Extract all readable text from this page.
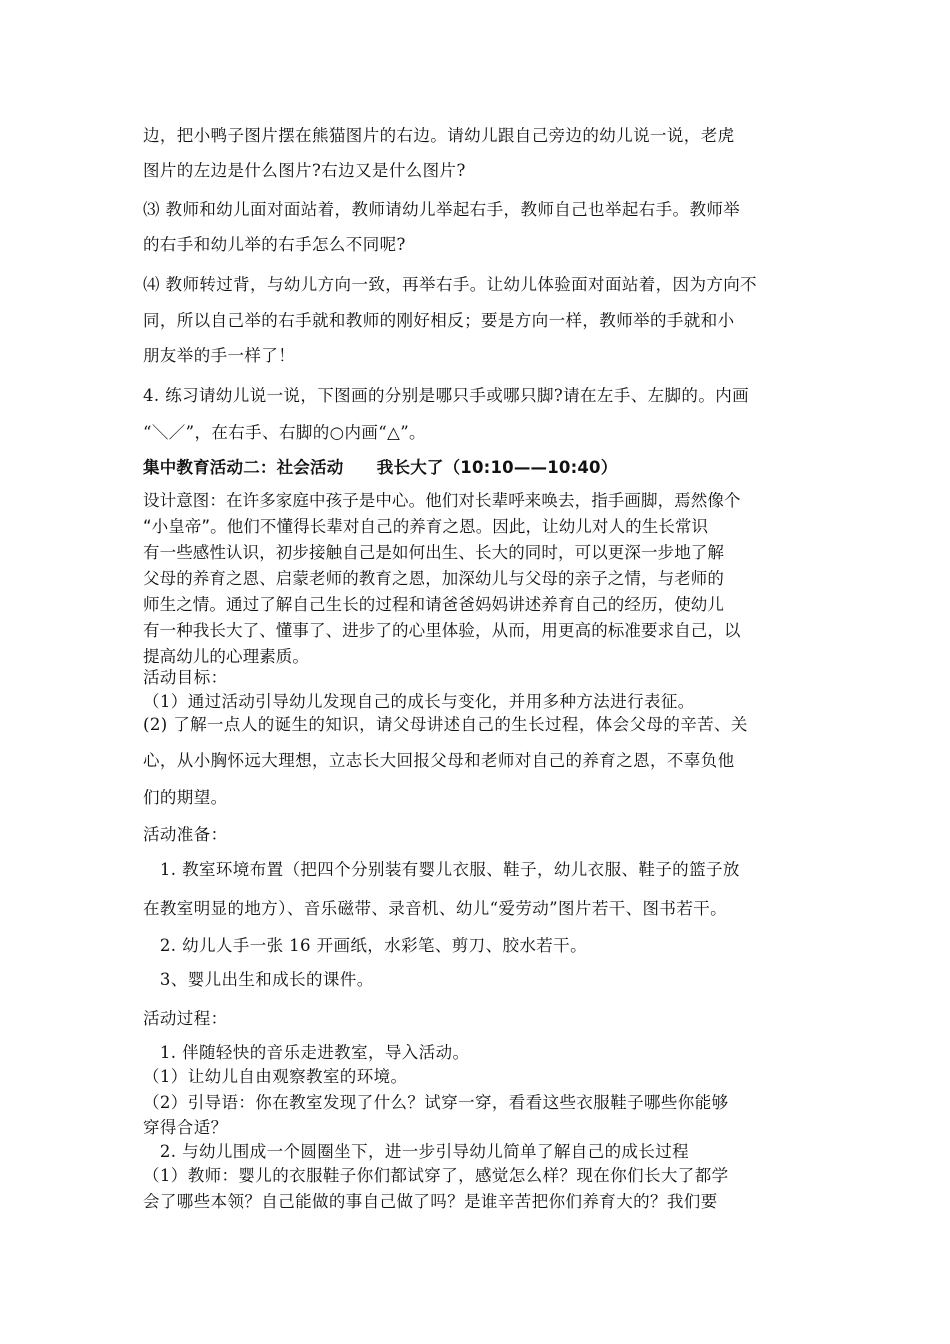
边，把小鸭子图片摆在熊猫图片的右边。请幼儿跟自己旁边的幼儿说一说，老虎
图片的左边是什么图片?右边又是什么图片?
⑶ 教师和幼儿面对面站着，教师请幼儿举起右手，教师自己也举起右手。教师举
的右手和幼儿举的右手怎么不同呢?
⑷ 教师转过背，与幼儿方向一致，再举右手。让幼儿体验面对面站着，因为方向不
同，所以自己举的右手就和教师的刚好相反；要是方向一样，教师举的手就和小
朋友举的手一样了！
4. 练习请幼儿说一说，下图画的分别是哪只手或哪只脚?请在左手、左脚的。内画
“＼／”，在右手、右脚的○内画“△”。
集中教育活动二：社会活动　　我长大了（10:10——10:40）
设计意图：在许多家庭中孩子是中心。他们对长辈呼来唤去，指手画脚，焉然像个
“小皇帝”。他们不懂得长辈对自己的养育之恩。因此，让幼儿对人的生长常识
有一些感性认识，初步接触自己是如何出生、长大的同时，可以更深一步地了解
父母的养育之恩、启蒙老师的教育之恩，加深幼儿与父母的亲子之情，与老师的
师生之情。通过了解自己生长的过程和请爸爸妈妈讲述养育自己的经历，使幼儿
有一种我长大了、懂事了、进步了的心里体验，从而，用更高的标准要求自己，以
提高幼儿的心理素质。
活动目标：
（1）通过活动引导幼儿发现自己的成长与变化，并用多种方法进行表征。
(2) 了解一点人的诞生的知识，请父母讲述自己的生长过程，体会父母的辛苦、关
心，从小胸怀远大理想，立志长大回报父母和老师对自己的养育之恩，不辜负他
们的期望。
活动准备：
　1. 教室环境布置（把四个分别装有婴儿衣服、鞋子，幼儿衣服、鞋子的篮子放
在教室明显的地方）、音乐磁带、录音机、幼儿“爱劳动”图片若干、图书若干。
　2. 幼儿人手一张 16 开画纸，水彩笔、剪刀、胶水若干。
　3、婴儿出生和成长的课件。
活动过程：
　1. 伴随轻快的音乐走进教室，导入活动。
（1）让幼儿自由观察教室的环境。
（2）引导语：你在教室发现了什么？试穿一穿，看看这些衣服鞋子哪些你能够
穿得合适？
　2. 与幼儿围成一个圆圈坐下，进一步引导幼儿简单了解自己的成长过程
（1）教师：婴儿的衣服鞋子你们都试穿了，感觉怎么样？现在你们长大了都学
会了哪些本领？自己能做的事自己做了吗？是谁辛苦把你们养育大的？我们要
